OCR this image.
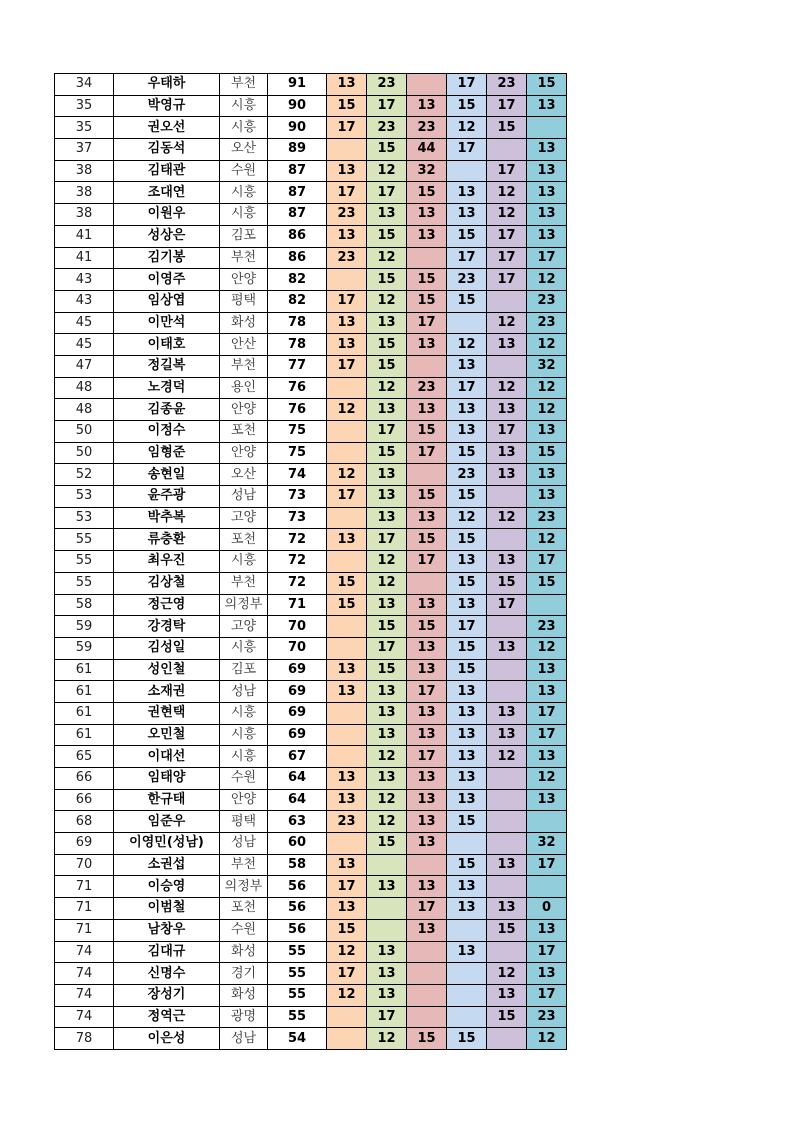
34	우태하	부천	91	13	23		17	23	15
35	박영규	시흥	90	15	17	13	15	17	13
35	권오선	시흥	90	17	23	23	12	15	
37	김동석	오산	89		15	44	17		13
38	김태관	수원	87	13	12	32		17	13
38	조대연	시흥	87	17	17	15	13	12	13
38	이원우	시흥	87	23	13	13	13	12	13
41	성상은	김포	86	13	15	13	15	17	13
41	김기봉	부천	86	23	12		17	17	17
43	이영주	안양	82		15	15	23	17	12
43	임상엽	평택	82	17	12	15	15		23
45	이만석	화성	78	13	13	17		12	23
45	이태호	안산	78	13	15	13	12	13	12
47	정길복	부천	77	17	15		13		32
48	노경덕	용인	76		12	23	17	12	12
48	김종윤	안양	76	12	13	13	13	13	12
50	이정수	포천	75		17	15	13	17	13
50	임형준	안양	75		15	17	15	13	15
52	송현일	오산	74	12	13		23	13	13
53	윤주광	성남	73	17	13	15	15		13
53	박추복	고양	73		13	13	12	12	23
55	류충환	포천	72	13	17	15	15		12
55	최우진	시흥	72		12	17	13	13	17
55	김상철	부천	72	15	12		15	15	15
58	정근영	의정부	71	15	13	13	13	17	
59	강경탁	고양	70		15	15	17		23
59	김성일	시흥	70		17	13	15	13	12
61	성인철	김포	69	13	15	13	15		13
61	소재권	성남	69	13	13	17	13		13
61	권현택	시흥	69		13	13	13	13	17
61	오민철	시흥	69		13	13	13	13	17
65	이대선	시흥	67		12	17	13	12	13
66	임태양	수원	64	13	13	13	13		12
66	한규태	안양	64	13	12	13	13		13
68	임준우	평택	63	23	12	13	15		
69	이영민(성남)	성남	60		15	13			32
70	소권섭	부천	58	13			15	13	17
71	이승영	의정부	56	17	13	13	13		
71	이범철	포천	56	13		17	13	13	0
71	남창우	수원	56	15		13		15	13
74	김대규	화성	55	12	13		13		17
74	신명수	경기	55	17	13			12	13
74	장성기	화성	55	12	13			13	17
74	정역근	광명	55		17			15	23
78	이은성	성남	54		12	15	15		12
